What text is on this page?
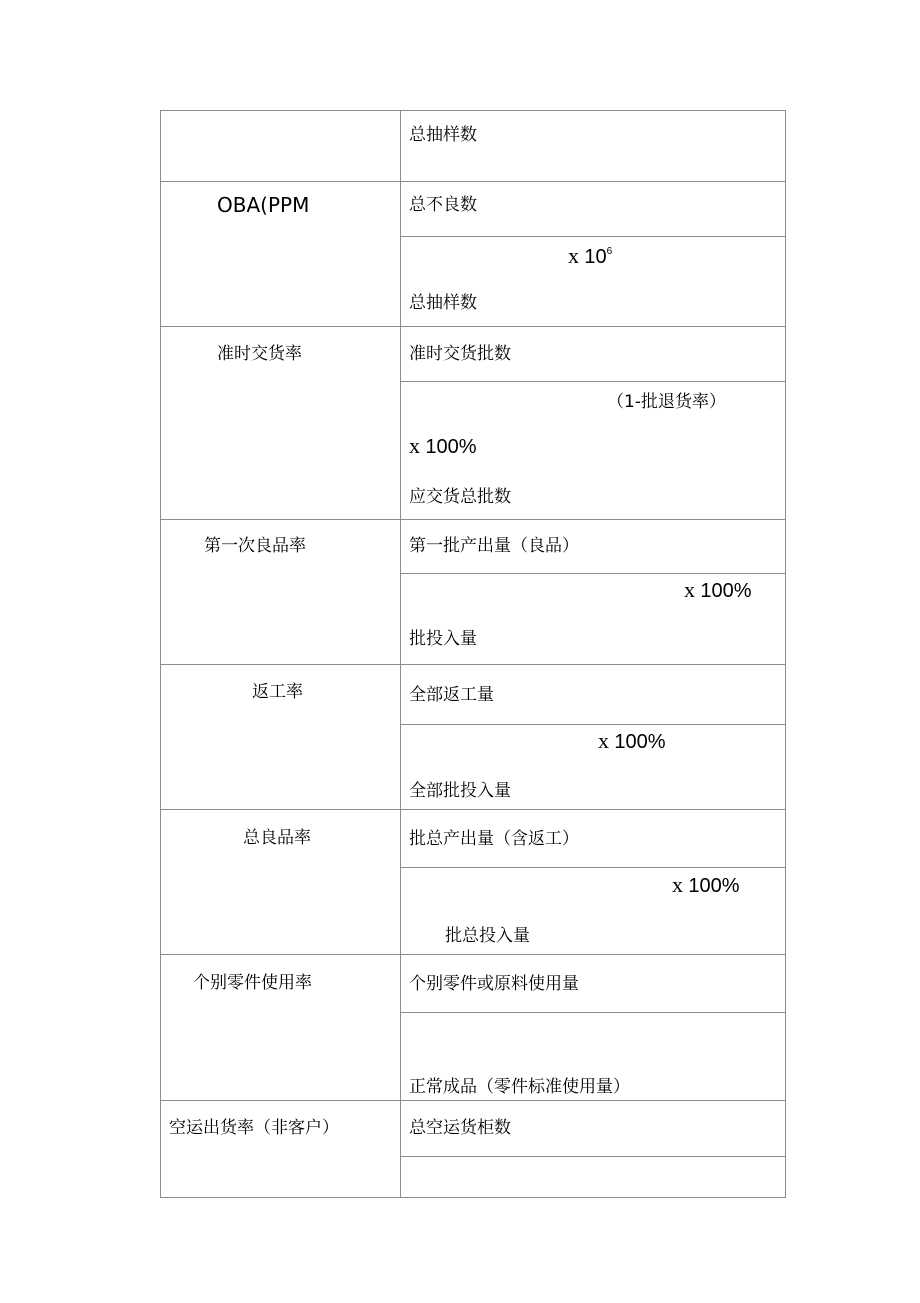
总抽样数
OBA(PPM	总不良数
x $10^6$
总抽样数
准时交货率	准时交货批数
（1-批退货率）
x 100%
应交货总批数
第一次良品率	第一批产出量（良品）
x 100%
批投入量
返工率	全部返工量
x 100%
全部批投入量
总良品率	批总产出量（含返工）
x 100%
批总投入量
个别零件使用率	个别零件或原料使用量
正常成品（零件标准使用量）
空运出货率（非客户）	总空运货柜数
